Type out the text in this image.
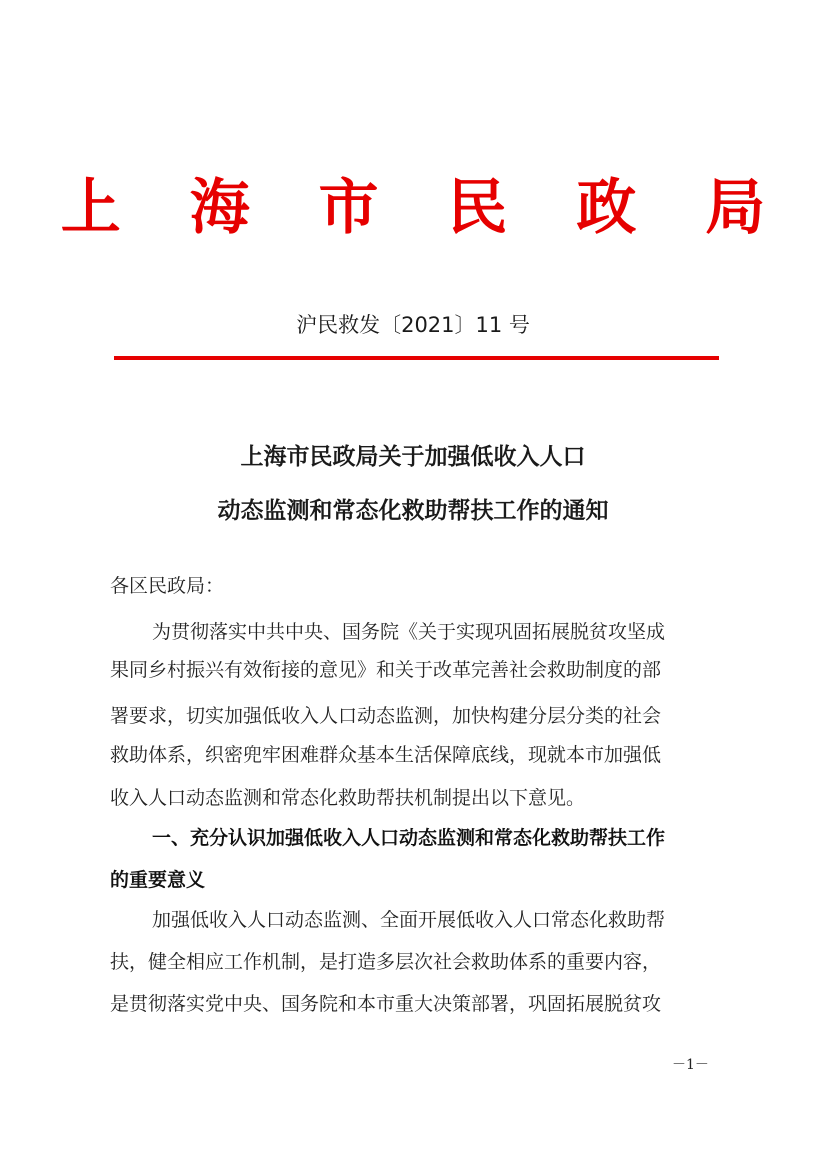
上 海 市 民 政 局
沪民救发〔2021〕11 号
上海市民政局关于加强低收入人口
动态监测和常态化救助帮扶工作的通知
各区民政局：
为贯彻落实中共中央、国务院《关于实现巩固拓展脱贫攻坚成
果同乡村振兴有效衔接的意见》和关于改革完善社会救助制度的部
署要求，切实加强低收入人口动态监测，加快构建分层分类的社会
救助体系，织密兜牢困难群众基本生活保障底线，现就本市加强低
收入人口动态监测和常态化救助帮扶机制提出以下意见。
一、充分认识加强低收入人口动态监测和常态化救助帮扶工作
的重要意义
加强低收入人口动态监测、全面开展低收入人口常态化救助帮
扶，健全相应工作机制，是打造多层次社会救助体系的重要内容，
是贯彻落实党中央、国务院和本市重大决策部署，巩固拓展脱贫攻
－1－
